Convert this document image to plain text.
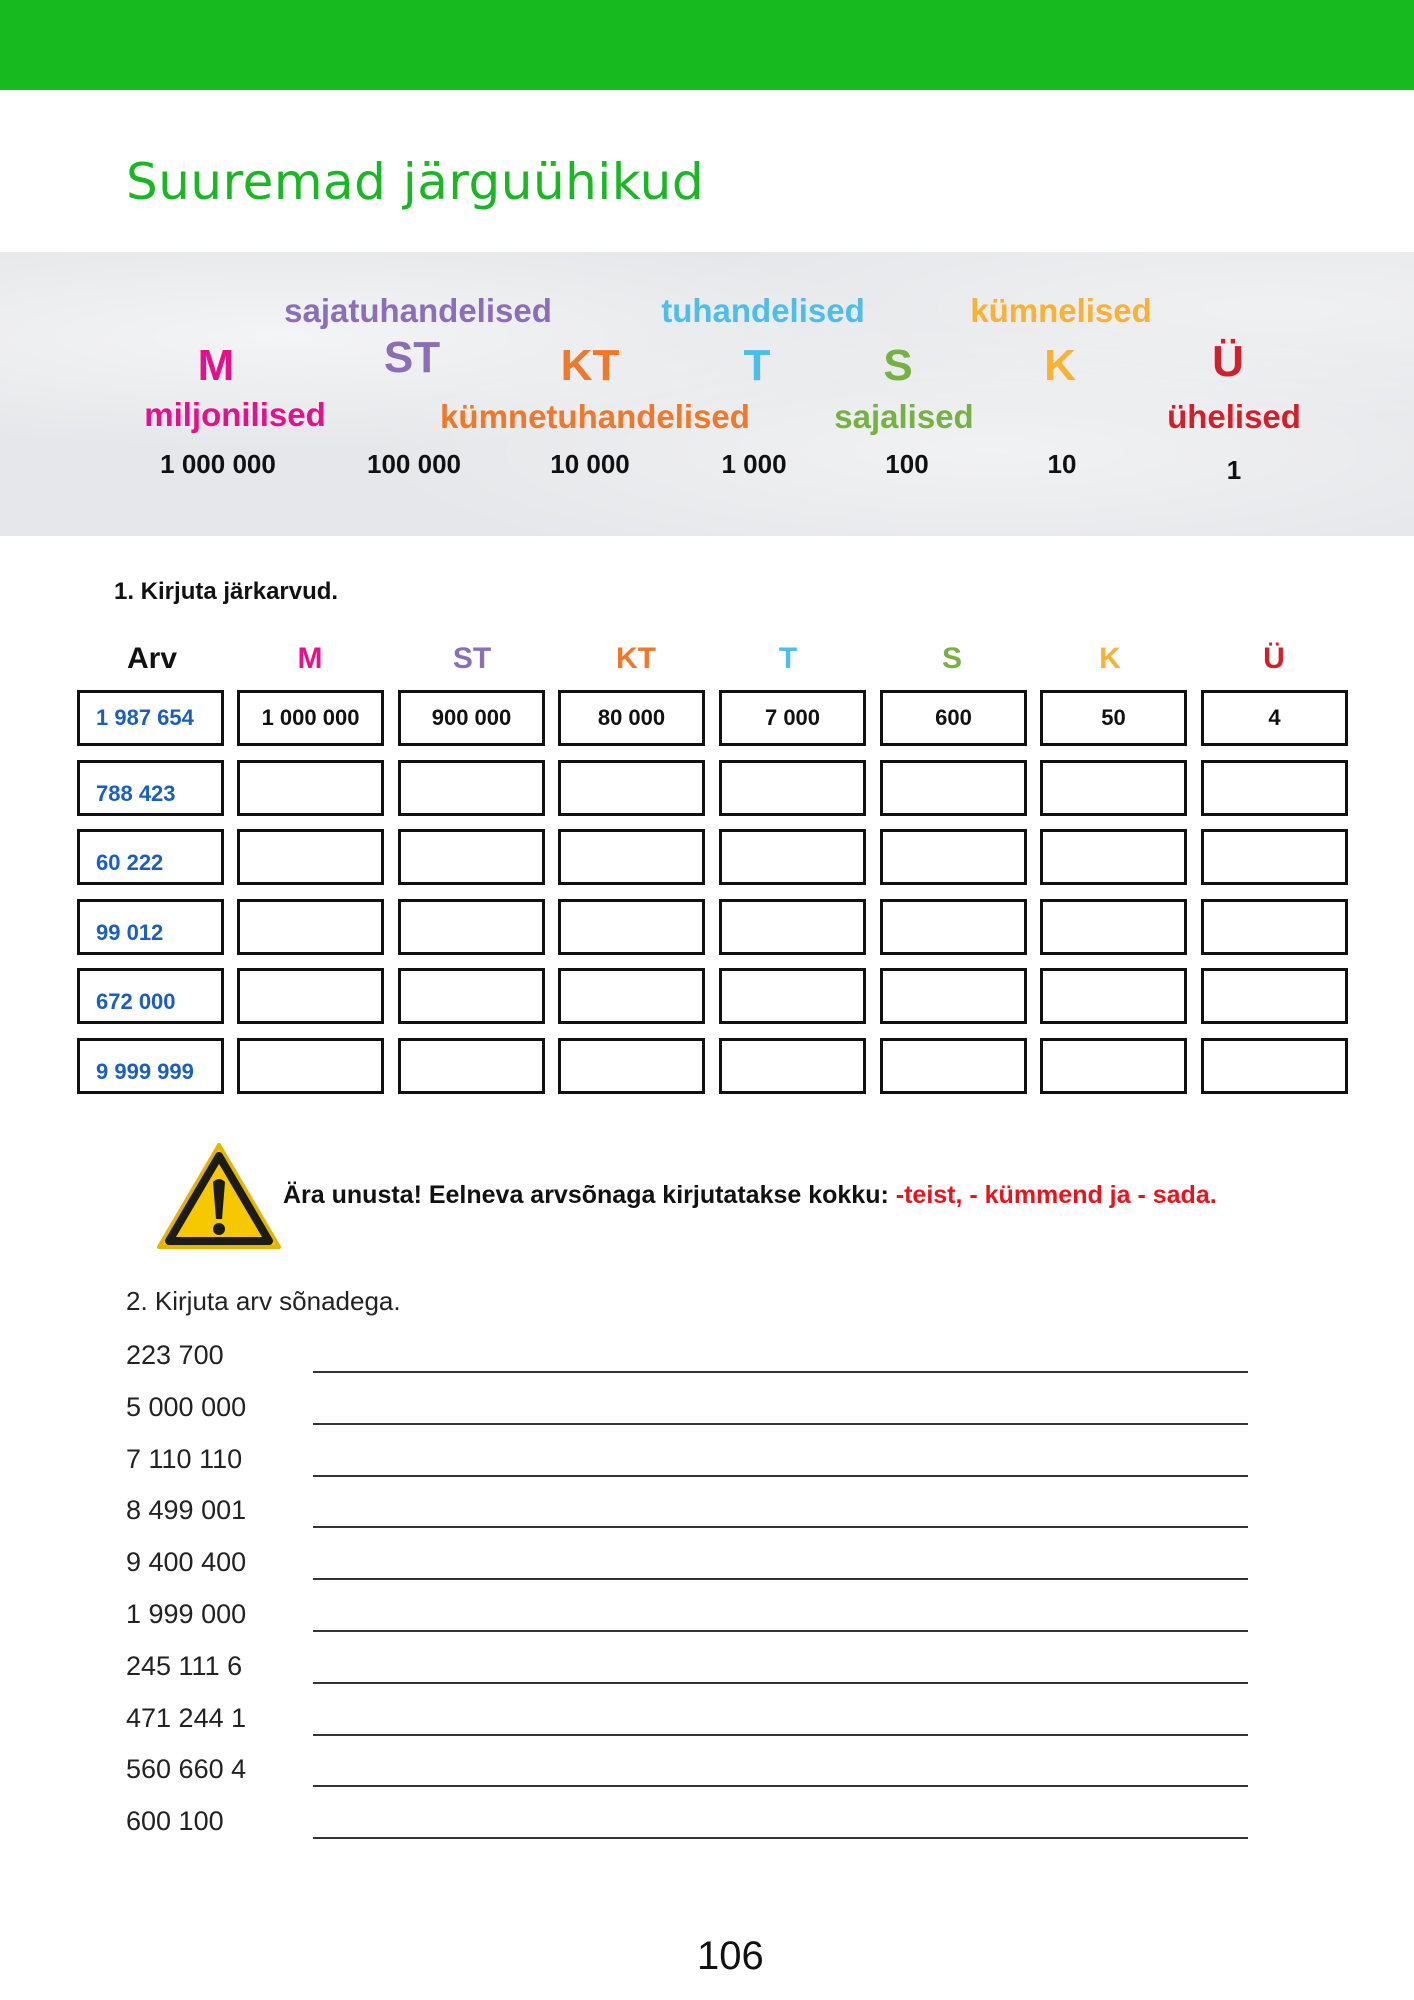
Suuremad järguühikud
sajatuhandelised	tuhandelised	kümnelised
M	ST	KT	T	S	K	Ü
miljonilised	kümnetuhandelised	sajalised	ühelised
1 000 000	100 000	10 000	1 000	100	10	1
1. Kirjuta järkarvud.
Arv	M	ST	KT	T	S	K	Ü
1 987 654	1 000 000	900 000	80 000	7 000	600	50	4
788 423
60 222
99 012
672 000
9 999 999
Ära unusta! Eelneva arvsõnaga kirjutatakse kokku: -teist, - kümmend ja - sada.
2. Kirjuta arv sõnadega.
223 700
5 000 000
7 110 110
8 499 001
9 400 400
1 999 000
245 111 6
471 244 1
560 660 4
600 100
106
